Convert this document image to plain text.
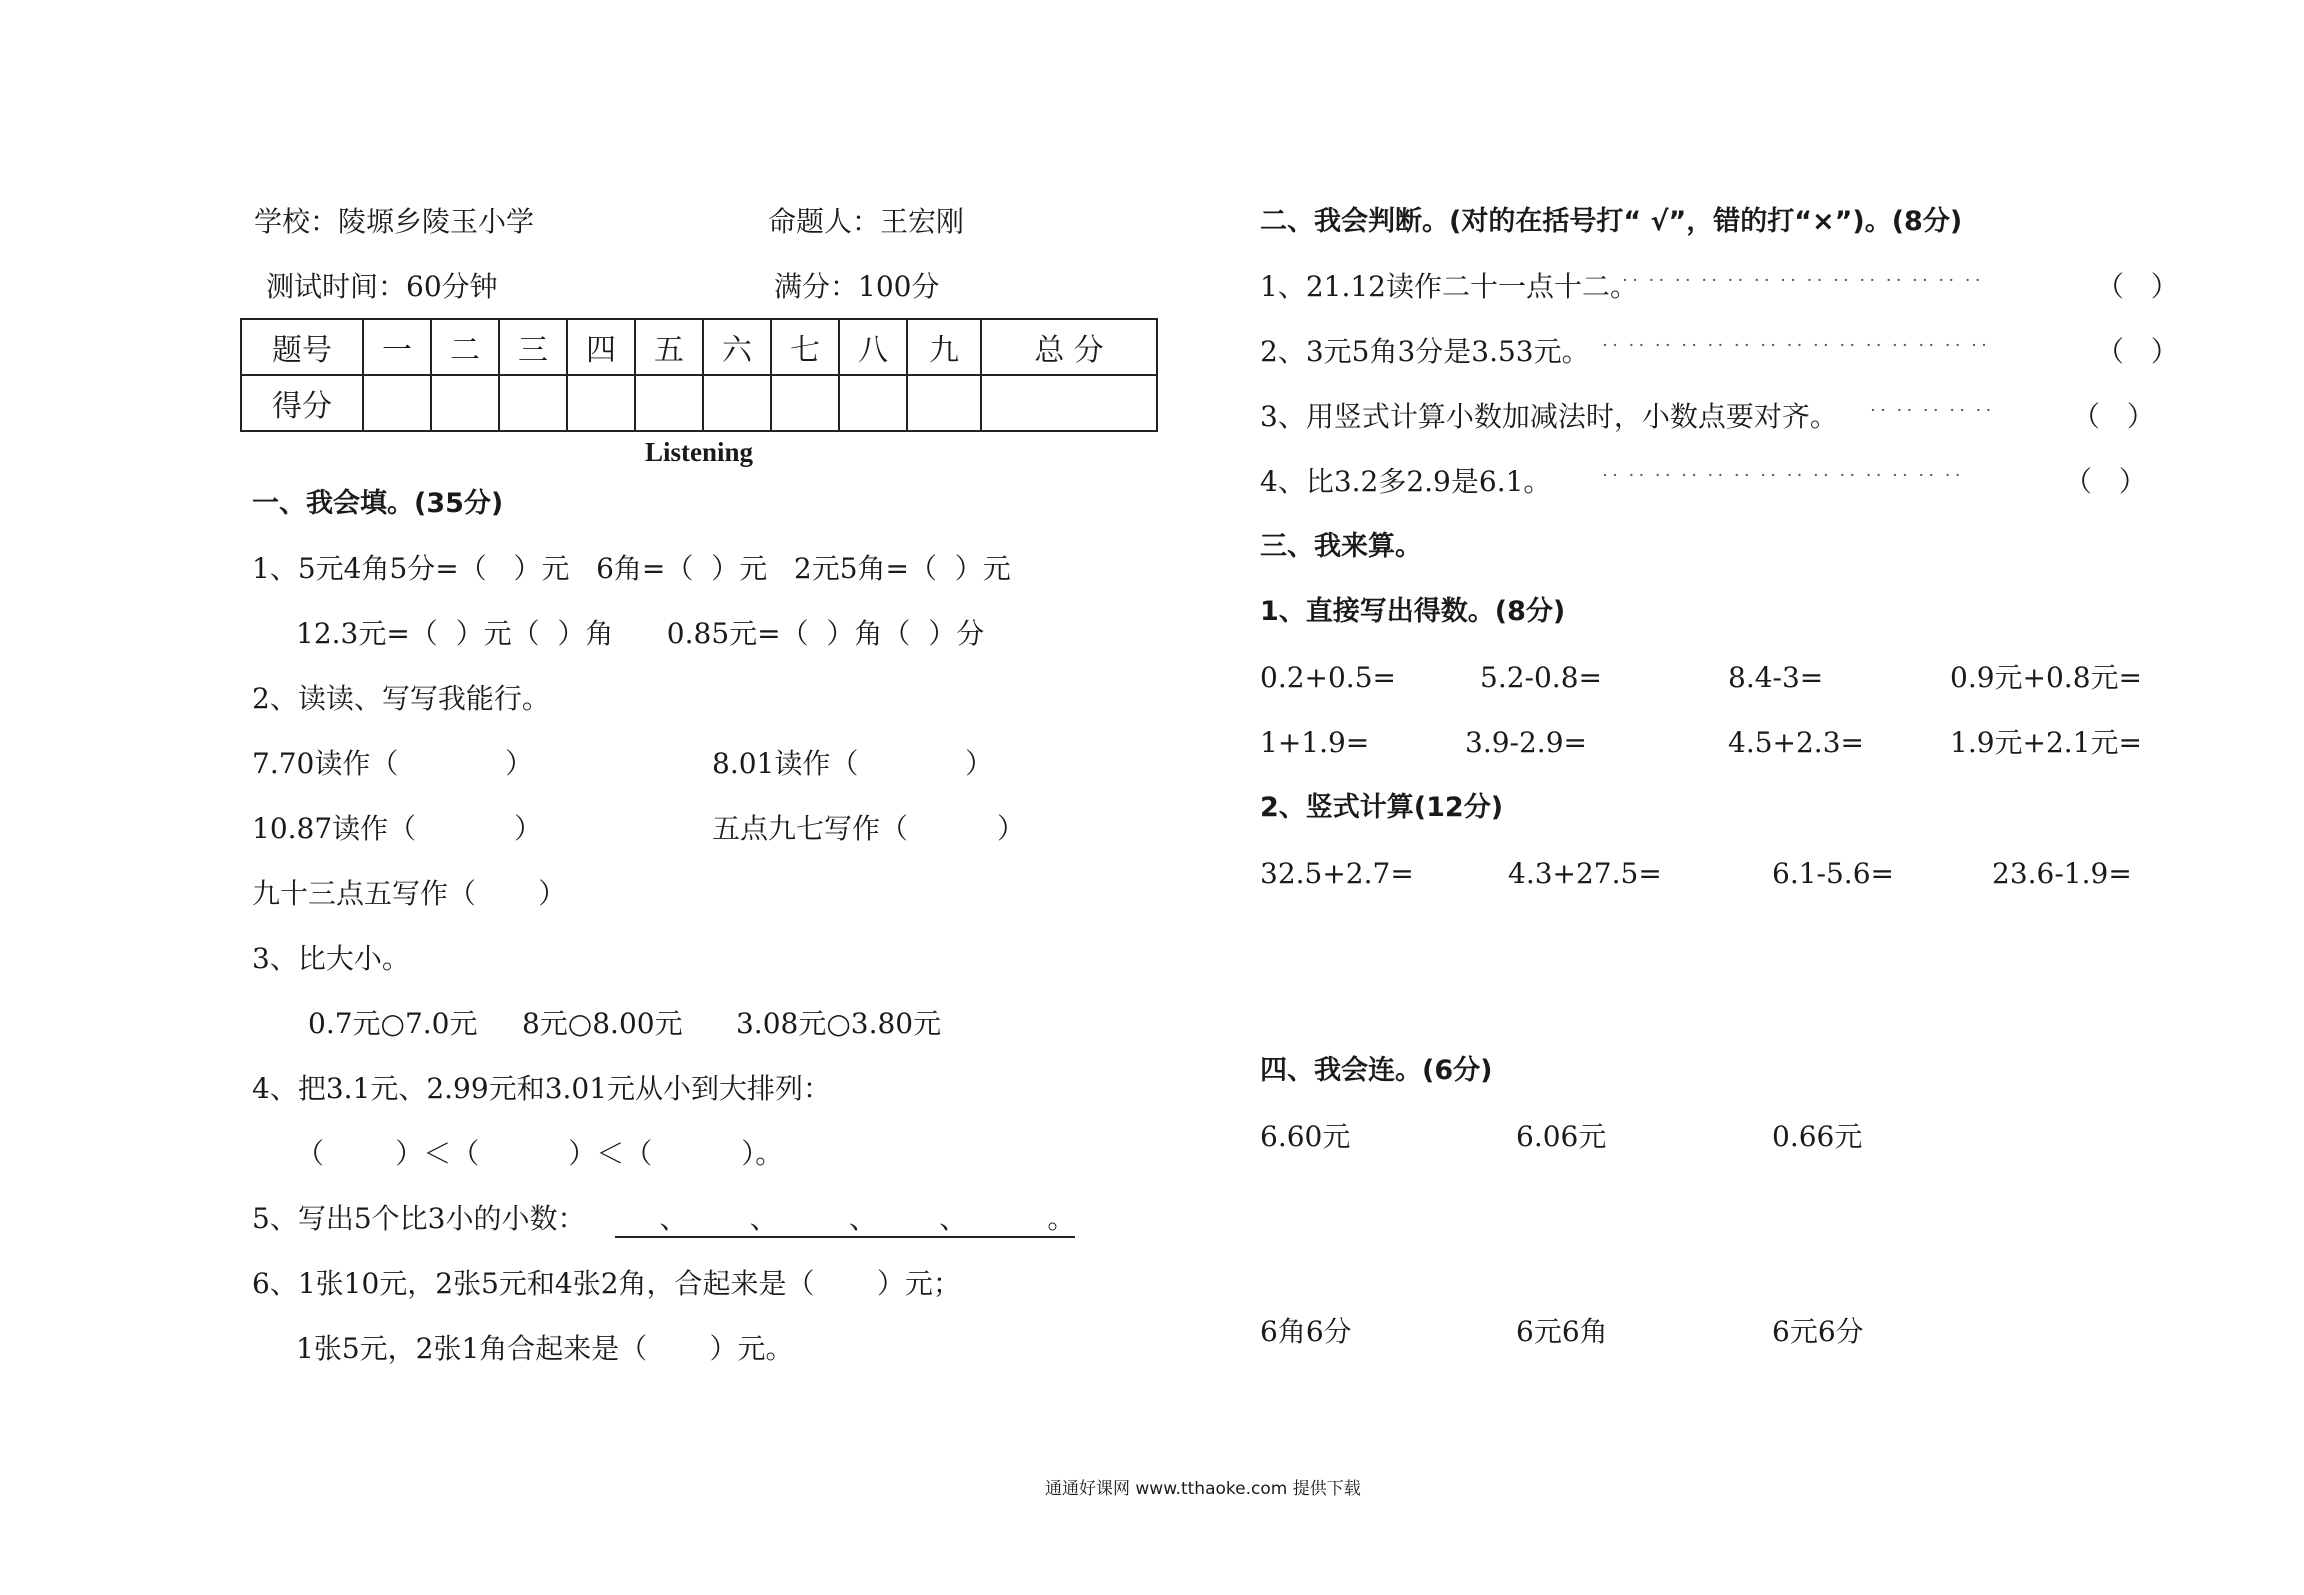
学校：陵塬乡陵玉小学	命题人：王宏刚
测试时间：60分钟	满分：100分
题号	一	二	三	四	五	六	七	八	九	总 分
得分										
Listening
一、我会填。(35分)
1、5元4角5分=（   ）元   6角=（  ）元   2元5角=（  ）元
12.3元=（  ）元（  ）角      0.85元=（  ）角（  ）分
2、读读、写写我能行。
7.70读作（            ）	8.01读作（            ）
10.87读作（           ）	五点九七写作（          ）
九十三点五写作（       ）
3、比大小。
0.7元○7.0元     8元○8.00元      3.08元○3.80元
4、把3.1元、2.99元和3.01元从小到大排列：
（        ）＜（          ）＜（          ）。
5、写出5个比3小的小数： 、       、        、       、         。
6、1张10元，2张5元和4张2角，合起来是（       ）元；
1张5元，2张1角合起来是（       ）元。
二、我会判断。(对的在括号打“ √”，错的打“×”)。(8分)
1、21.12读作二十一点十二。
˙˙ ˙˙ ˙˙ ˙˙ ˙˙ ˙˙ ˙˙ ˙˙ ˙˙ ˙˙ ˙˙ ˙˙ ˙˙ ˙˙	（   ）
2、3元5角3分是3.53元。 ˙˙ ˙˙ ˙˙ ˙˙ ˙˙ ˙˙ ˙˙ ˙˙ ˙˙ ˙˙ ˙˙ ˙˙ ˙˙ ˙˙ ˙˙	（   ）
3、用竖式计算小数加减法时，小数点要对齐。 ˙˙ ˙˙ ˙˙ ˙˙ ˙˙	（   ）
4、比3.2多2.9是6.1。 ˙˙ ˙˙ ˙˙ ˙˙ ˙˙ ˙˙ ˙˙ ˙˙ ˙˙ ˙˙ ˙˙ ˙˙ ˙˙ ˙˙	（   ）
三、我来算。
1、直接写出得数。(8分)
0.2+0.5=	5.2-0.8=	8.4-3=	0.9元+0.8元=
1+1.9=	3.9-2.9=	4.5+2.3=	1.9元+2.1元=
2、竖式计算(12分)
32.5+2.7=	4.3+27.5=	6.1-5.6=	23.6-1.9=
四、我会连。(6分)
6.60元	6.06元	0.66元
6角6分	6元6角	6元6分
通通好课网 www.tthaoke.com 提供下载
